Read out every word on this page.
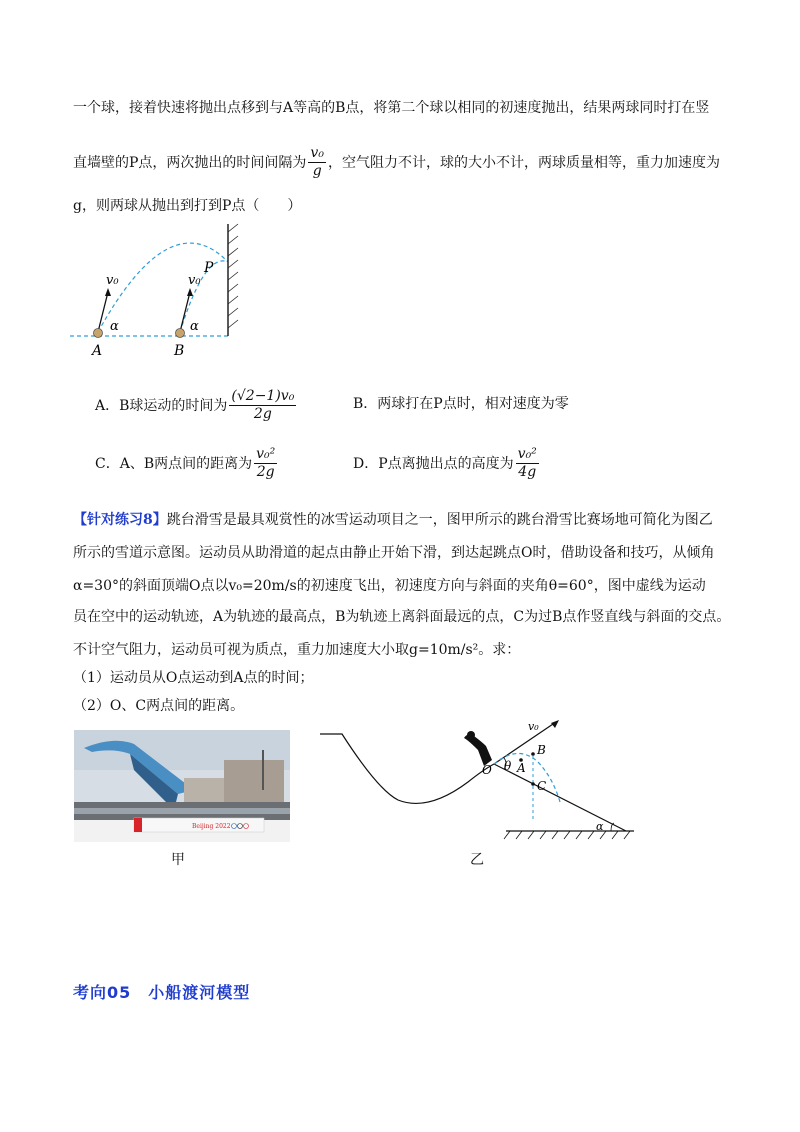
一个球，接着快速将抛出点移到与A等高的B点，将第二个球以相同的初速度抛出，结果两球同时打在竖
直墙壁的P点，两次抛出的时间间隔为 $\frac{\text{v₀}}{g}$ ，空气阻力不计，球的大小不计，两球质量相等，重力加速度为
g，则两球从抛出到打到P点（　　）
v₀	v₀
α	α
A	B
P
A．B球运动的时间为 $\frac{\text{(√2−1)v₀}}{2g}$	B．两球打在P点时，相对速度为零
C．A、B两点间的距离为 $\frac{\text{v₀²}}{2g}$	D．P点离抛出点的高度为 $\frac{\text{v₀²}}{4g}$
【针对练习8】跳台滑雪是最具观赏性的冰雪运动项目之一，图甲所示的跳台滑雪比赛场地可简化为图乙
所示的雪道示意图。运动员从助滑道的起点由静止开始下滑，到达起跳点O时，借助设备和技巧，从倾角
α=30°的斜面顶端O点以v₀=20m/s的初速度飞出，初速度方向与斜面的夹角θ=60°，图中虚线为运动
员在空中的运动轨迹，A为轨迹的最高点，B为轨迹上离斜面最远的点，C为过B点作竖直线与斜面的交点。
不计空气阻力，运动员可视为质点，重力加速度大小取g=10m/s²。求：
（1）运动员从O点运动到A点的时间；
（2）O、C两点间的距离。
Beijing 2022
甲
O θ A
B
C
v₀
α
乙
考向05　小船渡河模型
